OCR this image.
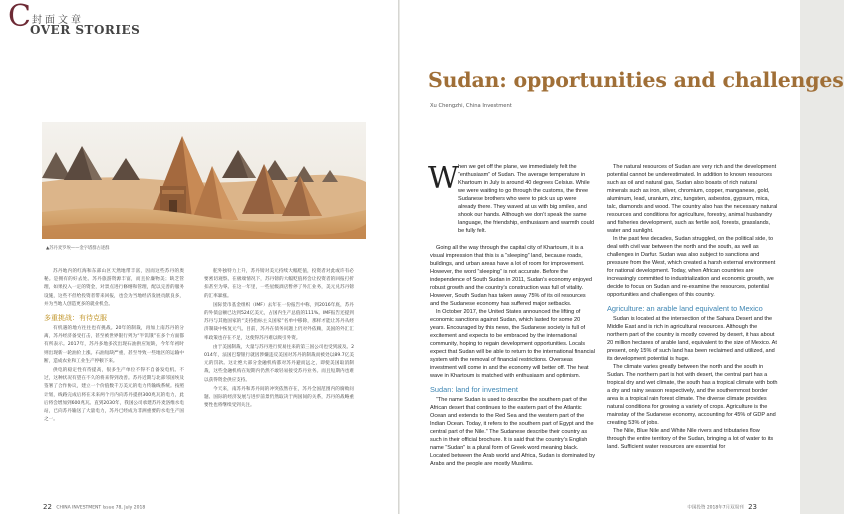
C 封面文章
OVER STORIES
▲苏丹麦罗埃——金字塔群古迹群

苏丹地内的红海和东部山区天然地带丰富，因而这些苏丹的奥秘。是拥有的好去处。苏丹旅游资源丰富，而且价廉物美；缺乏管理，如果投入一定的资金，对景点进行修缮和管理，配以完善的服务设施，这些不但给投资者带来回报，也会为当地经济发展贡献良多，并为当地人创造更多的就业机会。

多重挑战：有待克服

有机遇的地方往往也有挑战。20年的制裁，再加上南苏丹的分离，苏丹经济备受打击，甚至被世界银行列为“半饥饿”在多个方面都有所表示。2017年，苏丹多地多次出现石油供应短缺，今年年初时则出现新一轮油价上涨。石油短缺严重，甚至导致一些地区的运输中断，造成农业和工业生产停顿下来。

供电的稳定性有待提高，很多生产单位不得不自备发电机。不过，这种状况有望在不久的将来得到改善。苏丹近期与北部邻国埃及签署了合作协议，建立一个价值数千万美元的电力传输线系统。按照计划，线路完成后将在未来两个月内向苏丹提供300兆瓦的电力，此后将会增加到600兆瓦。直到2030年，我国公司承建苏丹麦洛维水电站，已向苏丹输送了大量电力，苏丹已经成为非洲重要的水电生产国之一。

舵外独特力上升，苏丹镑对美元持续大幅贬值，投资者对此或许有必要密切观察。在极端情况下，苏丹镑的大幅贬值将会让投资者的回报打折扣甚至为零。在这一年里，一些星级酒店暂停了外汇业务，美元兑苏丹镑的汇率暴涨。

国际货币基金组织（IMF）去年在一份报告中称，到2016年底，苏丹的外债总额已达到524亿美元，占国内生产总值的111%。IMF报告还提到苏丹与其他国家的“支持指标主义国家”名单中移除，那样才能让苏丹从经济制裁中恢复元气。目前，苏丹在债务问题上仍对外依赖，美国的外汇汇率政策也存在不足，这使得苏丹难以吸引外资。

由于美国制裁，大量与苏丹进行贸易往来的第三国公司也受到波及。2014年，法国巴黎银行就因涉嫌违反美国对苏丹的制裁而被处以89.7亿美元的罚款。这让绝大部分金融机构都对苏丹避而远之，即使美国取消制裁，这些金融机构在短期内仍然不敢轻易接受苏丹业务。而且短期内也难以获得资金供应支持。

今天来，南苏丹和苏丹间的冲突依然存在，苏丹全国范围内的腐败问题、国际的经济发展与进步前景仍然取决于两国间的关系，苏丹的战略重要性也将继续受到关注。

22 CHINA INVESTMENT Issue 78, July 2018
Sudan: opportunities and challenges
Xu Chengzhi, China Investment
W hen we get off the plane, we immediately felt the “enthusiasm” of Sudan. The average temperature in Khartoum in July is around 40 degrees Celsius. While we were waiting to go through the customs, the three Sudanese brothers who were to pick us up were already there. They waved at us with big smiles, and shook our hands. Although we don’t speak the same language, the friendship, enthusiasm and warmth could be fully felt.

Going all the way through the capital city of Khartoum, it is a visual impression that this is a “sleeping” land, because roads, buildings, and urban areas have a lot of room for improvement. However, the word “sleeping” is not accurate. Before the independence of South Sudan in 2011, Sudan’s economy enjoyed robust growth and the country’s construction was full of vitality. However, South Sudan has taken away 75% of its oil resources and the Sudanese economy has suffered major setbacks.

In October 2017, the United States announced the lifting of economic sanctions against Sudan, which lasted for some 20 years. Encouraged by this news, the Sudanese society is full of excitement and expects to be embraced by the international community, hoping to regain development opportunities. Locals expect that Sudan will be able to return to the international financial system with the removal of financial restrictions. Overseas investment will come in and the economy will better off. The heat wave in Khartoum is matched with enthusiasm and optimism.

Sudan: land for investment

“The name Sudan is used to describe the southern part of the African desert that continues to the eastern part of the Atlantic Ocean and extends to the Red Sea and the western part of the Indian Ocean. Today, it refers to the southern part of Egypt and the central part of the Nile.” The Sudanese describe their country as such in their official brochure. It is said that the country’s English name “Sudan” is a plural form of Greek word meaning black. Located between the Arab world and Africa, Sudan is dominated by Arabs and the people are mostly Muslims.

The natural resources of Sudan are very rich and the development potential cannot be underestimated. In addition to known resources such as oil and natural gas, Sudan also boasts of rich natural minerals such as iron, silver, chromium, copper, manganese, gold, aluminum, lead, uranium, zinc, tungsten, asbestos, gypsum, mica, talc, diamonds and wood. The country also has the necessary natural resources and conditions for agriculture, forestry, animal husbandry and fisheries development, such as fertile soil, forests, grasslands, water and sunlight.

In the past few decades, Sudan struggled, on the political side, to deal with civil war between the north and the south, as well as challenges in Darfur. Sudan was also subject to sanctions and pressure from the West, which created a harsh external environment for national development. Today, when African countries are increasingly committed to industrialization and economic growth, we decide to focus on Sudan and re-examine the resources, potential opportunities and challenges of this country.

Agriculture: an arable land equivalent to Mexico

Sudan is located at the intersection of the Sahara Desert and the Middle East and is rich in agricultural resources. Although the northern part of the country is mostly covered by desert, it has about 20 million hectares of arable land, equivalent to the size of Mexico. At present, only 15% of such land has been reclaimed and utilized, and its development potential is huge.

The climate varies greatly between the north and the south in Sudan. The northern part is hot with desert, the central part has a tropical dry and wet climate, the south has a tropical climate with both a dry and rainy season respectively, and the southernmost border area is a tropical rain forest climate. The diverse climate provides natural conditions for growing a variety of crops. Agriculture is the mainstay of the Sudanese economy, accounting for 45% of GDP and creating 53% of jobs.

The Nile, Blue Nile and White Nile rivers and tributaries flow through the entire territory of the Sudan, bringing a lot of water to its land. Sufficient water resources are essential for

中国投资 2018年7月双周刊 23
